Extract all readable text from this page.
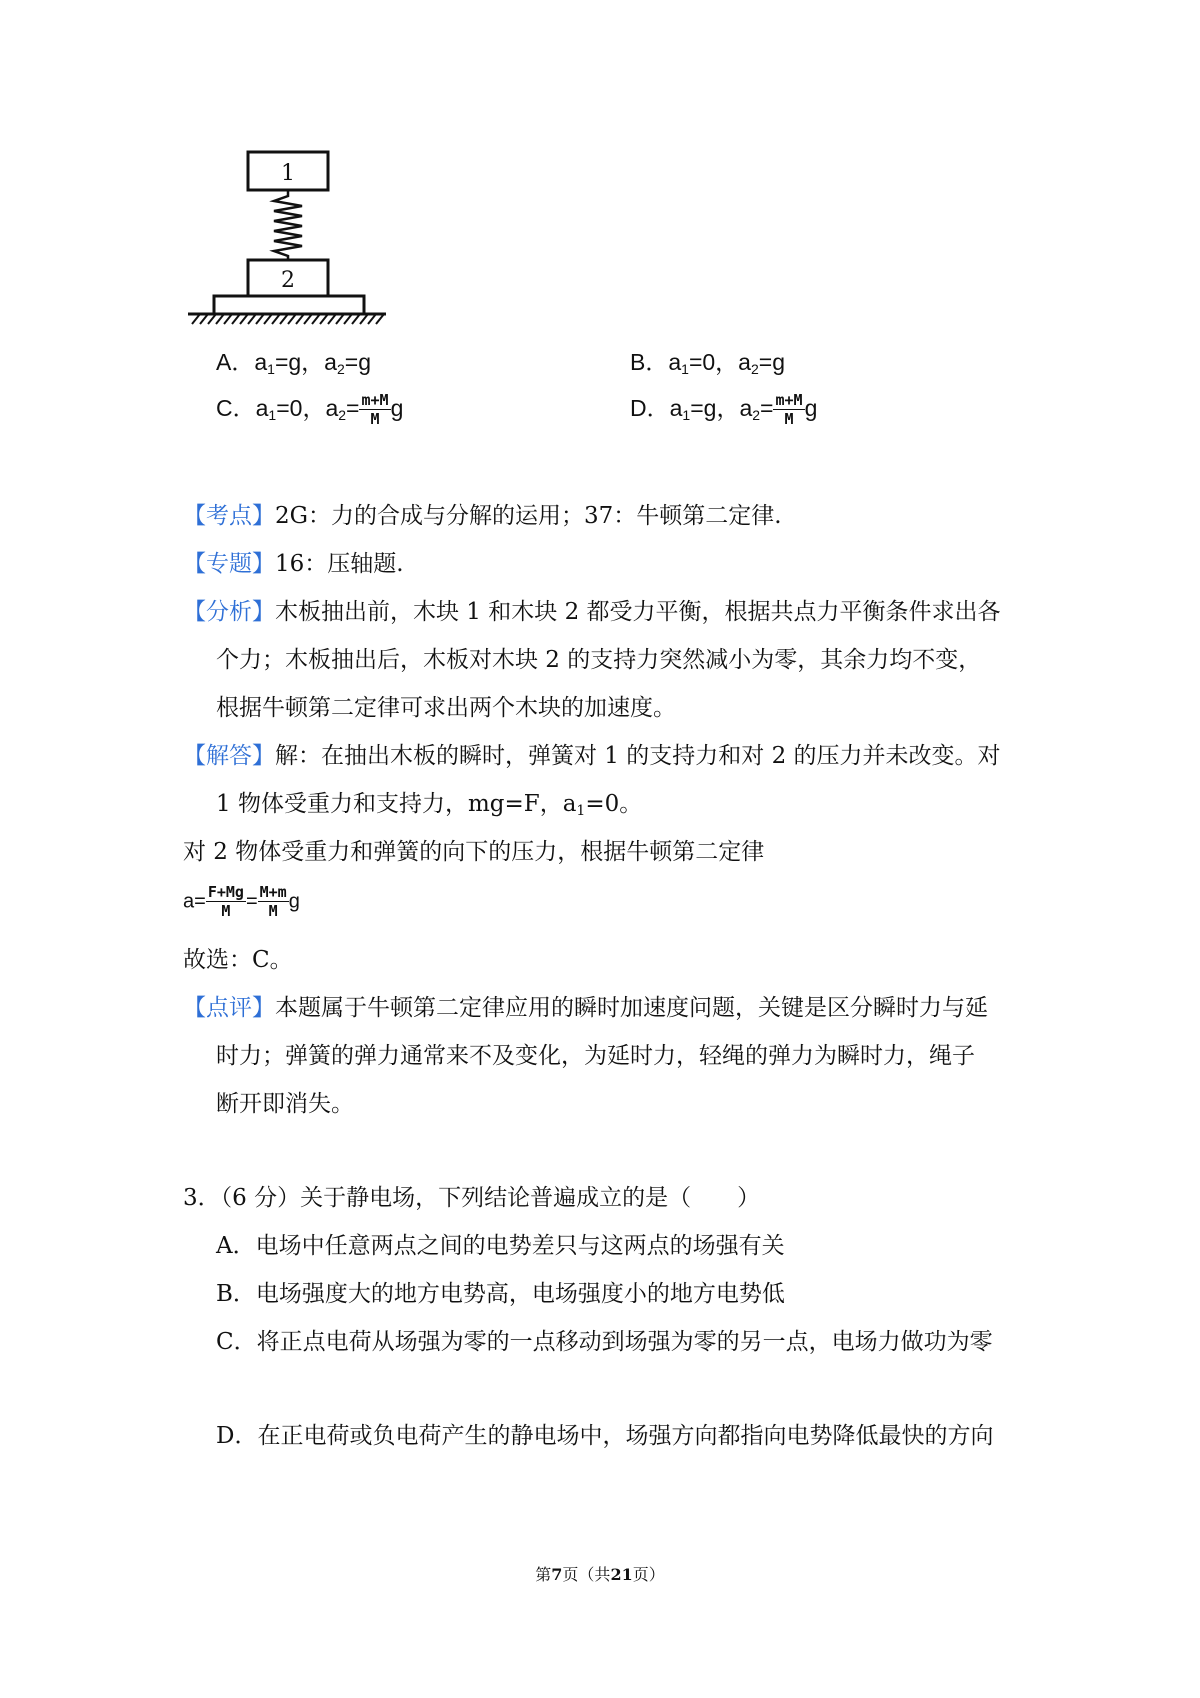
1
2
A．$a_1=g$，$a_2=g$	B．$a_1=0$，$a_2=g$
C．$a_1=0$，$a_2= \frac{m+M}{M}$ g	D．$a_1=g$，$a_2= \frac{m+M}{M}$ g
【考点】2G：力的合成与分解的运用；37：牛顿第二定律.
【专题】16：压轴题.
【分析】木板抽出前，木块 1 和木块 2 都受力平衡，根据共点力平衡条件求出各
个力；木板抽出后，木板对木块 2 的支持力突然减小为零，其余力均不变，
根据牛顿第二定律可求出两个木块的加速度。
【解答】解：在抽出木板的瞬时，弹簧对 1 的支持力和对 2 的压力并未改变。对
1 物体受重力和支持力，mg=F，$a_1=0$。
对 2 物体受重力和弹簧的向下的压力，根据牛顿第二定律
$a= \frac{F+Mg}{M} = \frac{M+m}{M}$ g
故选：C。
【点评】本题属于牛顿第二定律应用的瞬时加速度问题，关键是区分瞬时力与延
时力；弹簧的弹力通常来不及变化，为延时力，轻绳的弹力为瞬时力，绳子
断开即消失。
3．（6 分）关于静电场，下列结论普遍成立的是（　　）
A．电场中任意两点之间的电势差只与这两点的场强有关
B．电场强度大的地方电势高，电场强度小的地方电势低
C．将正点电荷从场强为零的一点移动到场强为零的另一点，电场力做功为零
D．在正电荷或负电荷产生的静电场中，场强方向都指向电势降低最快的方向
第7页（共21页）
